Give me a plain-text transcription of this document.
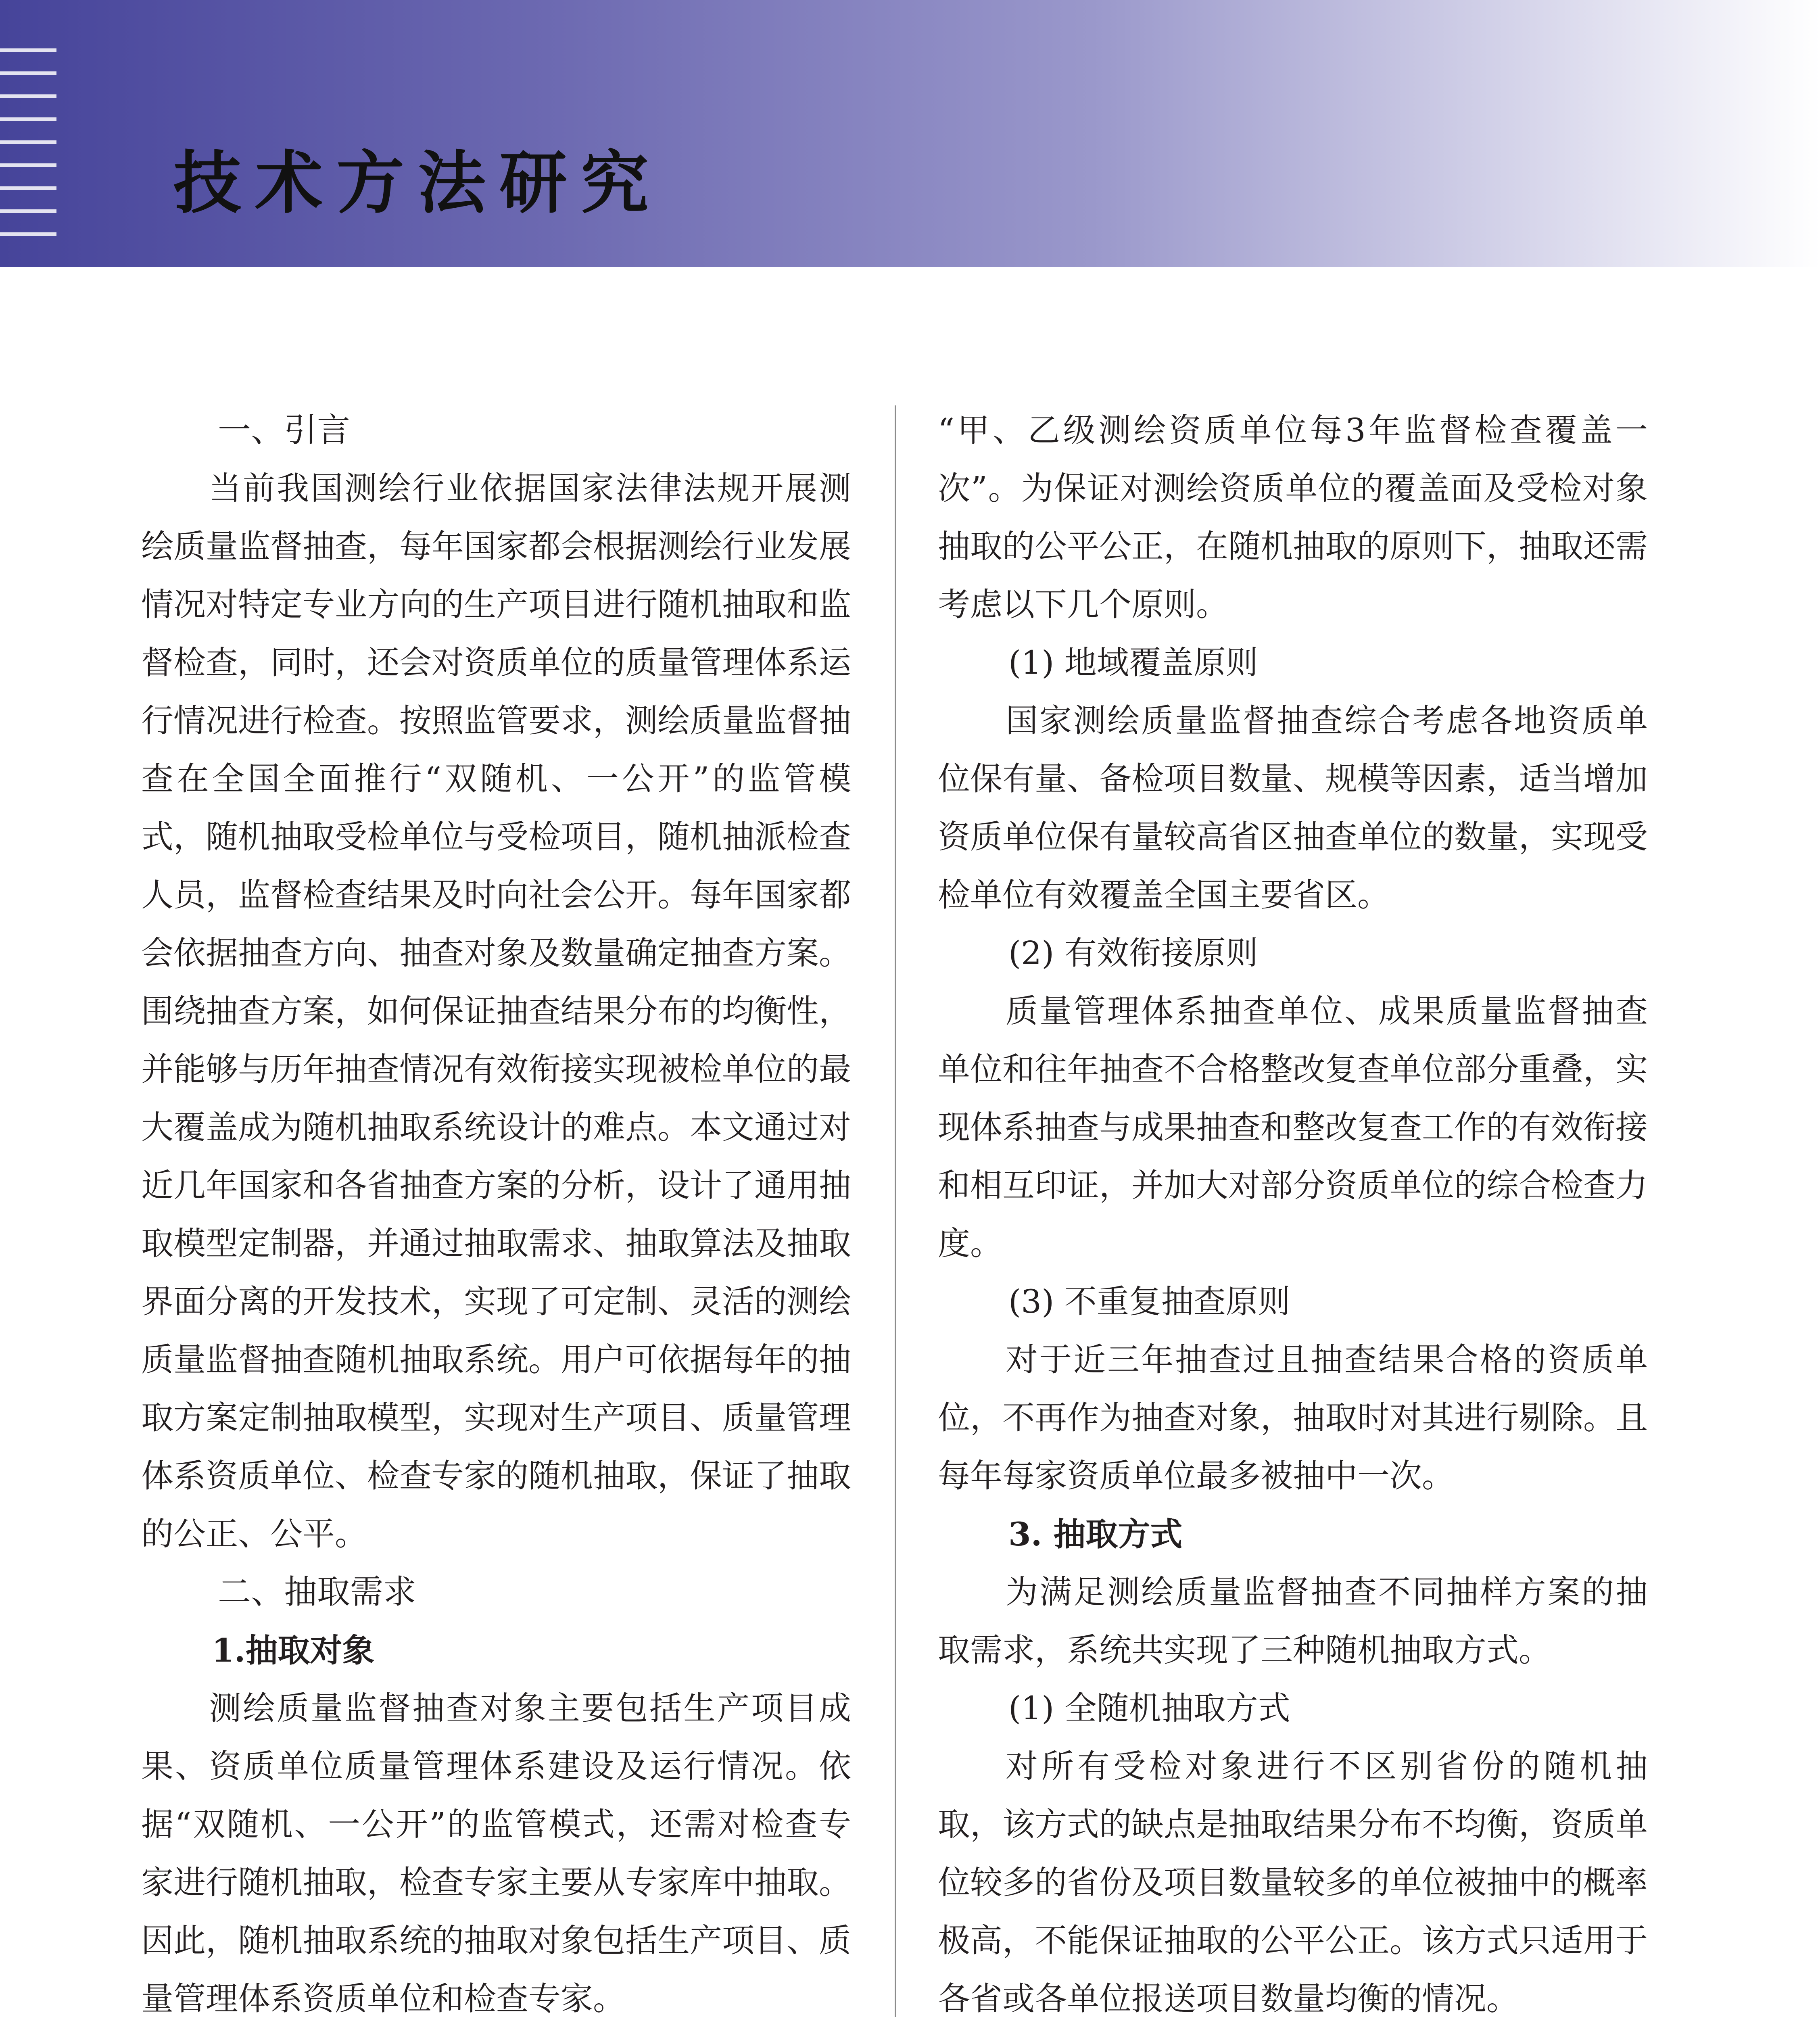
技术方法研究
一、引言

当前我国测绘行业依据国家法律法规开展测绘质量监督抽查，每年国家都会根据测绘行业发展情况对特定专业方向的生产项目进行随机抽取和监督检查，同时，还会对资质单位的质量管理体系运行情况进行检查。按照监管要求，测绘质量监督抽查在全国全面推行“双随机、一公开”的监管模式，随机抽取受检单位与受检项目，随机抽派检查人员，监督检查结果及时向社会公开。每年国家都会依据抽查方向、抽查对象及数量确定抽查方案。围绕抽查方案，如何保证抽查结果分布的均衡性，并能够与历年抽查情况有效衔接实现被检单位的最大覆盖成为随机抽取系统设计的难点。本文通过对近几年国家和各省抽查方案的分析，设计了通用抽取模型定制器，并通过抽取需求、抽取算法及抽取界面分离的开发技术，实现了可定制、灵活的测绘质量监督抽查随机抽取系统。用户可依据每年的抽取方案定制抽取模型，实现对生产项目、质量管理体系资质单位、检查专家的随机抽取，保证了抽取的公正、公平。

二、抽取需求
1.抽取对象

测绘质量监督抽查对象主要包括生产项目成果、资质单位质量管理体系建设及运行情况。依据“双随机、一公开”的监管模式，还需对检查专家进行随机抽取，检查专家主要从专家库中抽取。因此，随机抽取系统的抽取对象包括生产项目、质量管理体系资质单位和检查专家。

“甲、乙级测绘资质单位每3年监督检查覆盖一次”。为保证对测绘资质单位的覆盖面及受检对象抽取的公平公正，在随机抽取的原则下，抽取还需考虑以下几个原则。

(1) 地域覆盖原则

国家测绘质量监督抽查综合考虑各地资质单位保有量、备检项目数量、规模等因素，适当增加资质单位保有量较高省区抽查单位的数量，实现受检单位有效覆盖全国主要省区。

(2) 有效衔接原则

质量管理体系抽查单位、成果质量监督抽查单位和往年抽查不合格整改复查单位部分重叠，实现体系抽查与成果抽查和整改复查工作的有效衔接和相互印证，并加大对部分资质单位的综合检查力度。

(3) 不重复抽查原则

对于近三年抽查过且抽查结果合格的资质单位，不再作为抽查对象，抽取时对其进行剔除。且每年每家资质单位最多被抽中一次。

3. 抽取方式

为满足测绘质量监督抽查不同抽样方案的抽取需求，系统共实现了三种随机抽取方式。

(1) 全随机抽取方式

对所有受检对象进行不区别省份的随机抽取，该方式的缺点是抽取结果分布不均衡，资质单位较多的省份及项目数量较多的单位被抽中的概率极高，不能保证抽取的公平公正。该方式只适用于各省或各单位报送项目数量均衡的情况。
